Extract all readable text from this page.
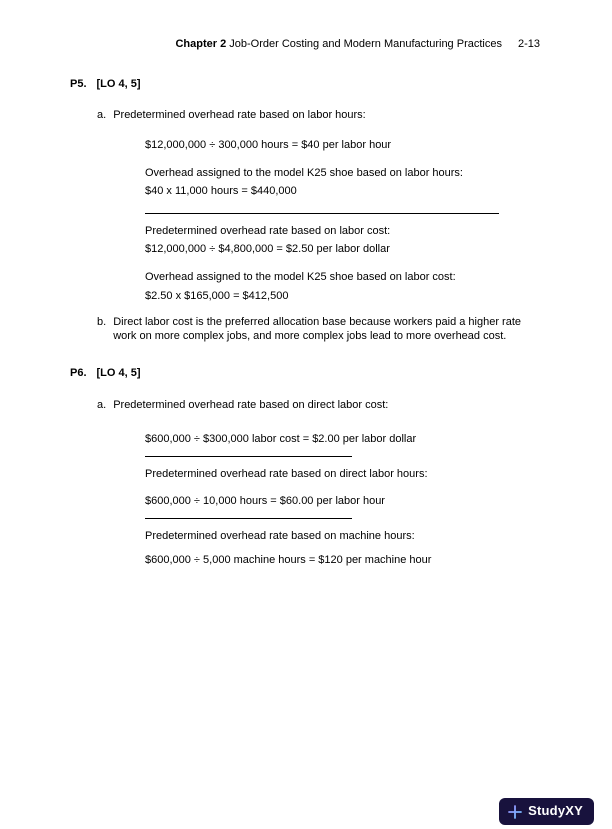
Chapter 2 Job-Order Costing and Modern Manufacturing Practices 2-13
P5. [LO 4, 5]
a. Predetermined overhead rate based on labor hours:
$12,000,000 ÷ 300,000 hours = $40 per labor hour
Overhead assigned to the model K25 shoe based on labor hours:
$40 x 11,000 hours = $440,000
Predetermined overhead rate based on labor cost:
$12,000,000 ÷ $4,800,000 = $2.50 per labor dollar
Overhead assigned to the model K25 shoe based on labor cost:
$2.50 x $165,000 = $412,500
b. Direct labor cost is the preferred allocation base because workers paid a higher rate work on more complex jobs, and more complex jobs lead to more overhead cost.
P6. [LO 4, 5]
a. Predetermined overhead rate based on direct labor cost:
$600,000 ÷ $300,000 labor cost = $2.00 per labor dollar
Predetermined overhead rate based on direct labor hours:
$600,000 ÷ 10,000 hours = $60.00 per labor hour
Predetermined overhead rate based on machine hours:
$600,000 ÷ 5,000 machine hours = $120 per machine hour
StudyXY
